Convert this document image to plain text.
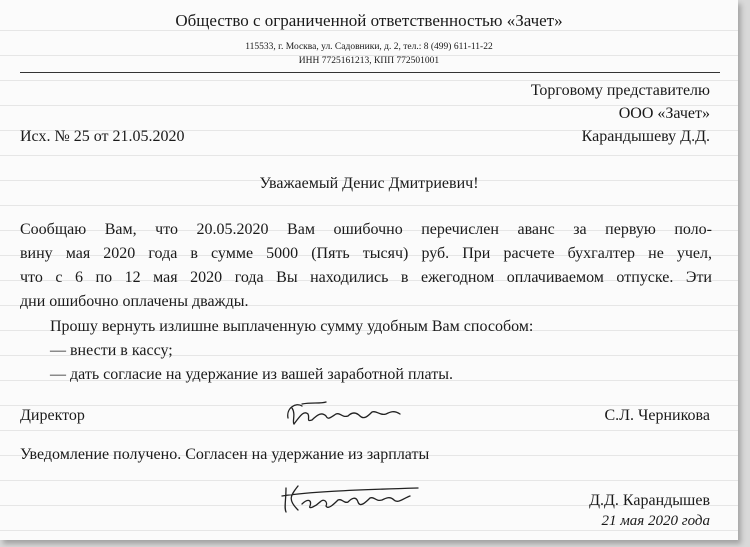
Общество с ограниченной ответственностью «Зачет»
115533, г. Москва, ул. Садовники, д. 2, тел.: 8 (499) 611-11-22
ИНН 7725161213, КПП 772501001
Торговому представителю
ООО «Зачет»
Карандышеву Д.Д.
Исх. № 25 от 21.05.2020
Уважаемый Денис Дмитриевич!
Сообщаю Вам, что 20.05.2020 Вам ошибочно перечислен аванс за первую поло-
вину мая 2020 года в сумме 5000 (Пять тысяч) руб. При расчете бухгалтер не учел,
что с 6 по 12 мая 2020 года Вы находились в ежегодном оплачиваемом отпуске. Эти
дни ошибочно оплачены дважды.
Прошу вернуть излишне выплаченную сумму удобным Вам способом:
— внести в кассу;
— дать согласие на удержание из вашей заработной платы.
Директор	С.Л. Черникова
Уведомление получено. Согласен на удержание из зарплаты
Д.Д. Карандышев
21 мая 2020 года
